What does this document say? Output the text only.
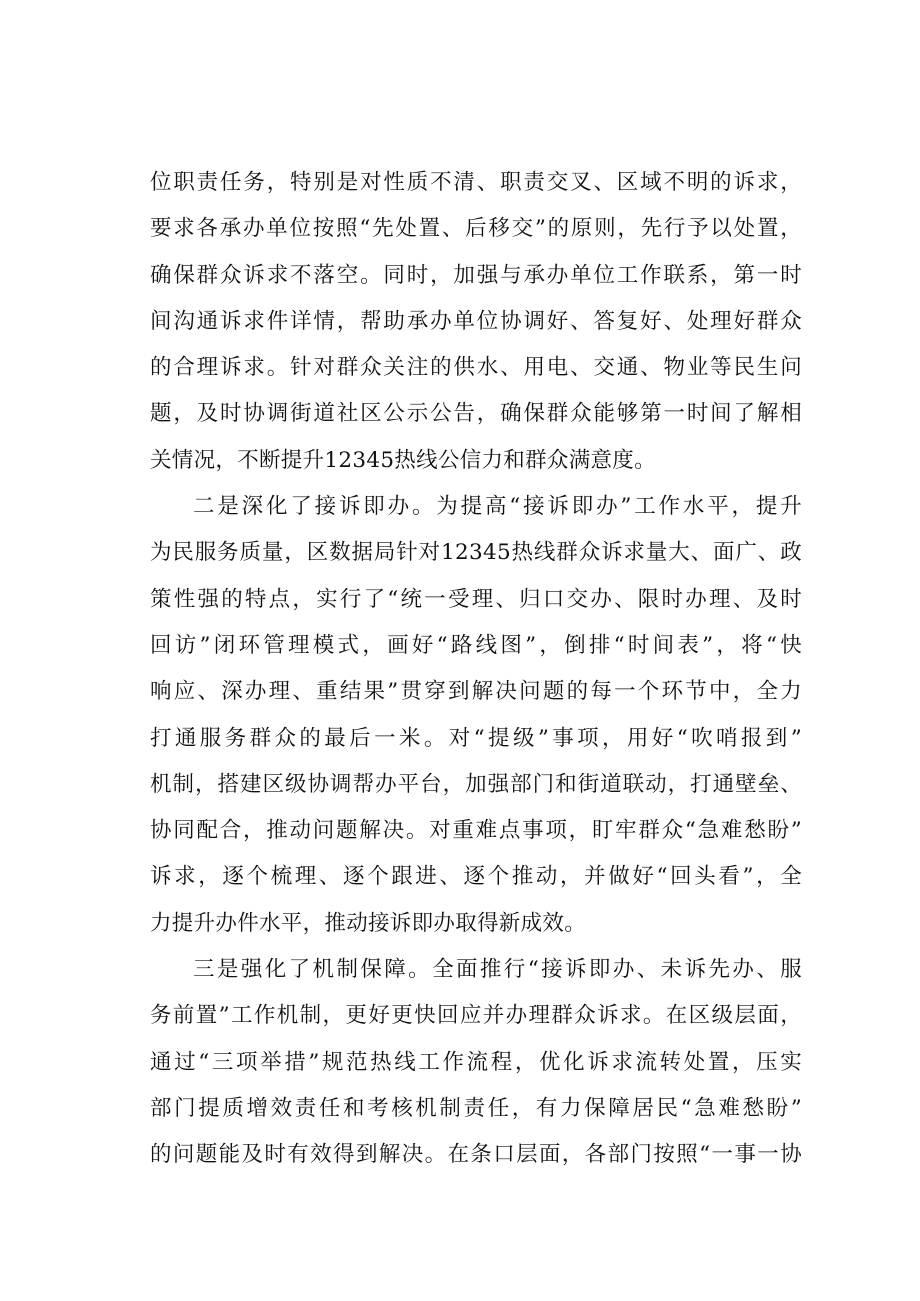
位职责任务，特别是对性质不清、职责交叉、区域不明的诉求，
要求各承办单位按照“先处置、后移交”的原则，先行予以处置，
确保群众诉求不落空。同时，加强与承办单位工作联系，第一时
间沟通诉求件详情，帮助承办单位协调好、答复好、处理好群众
的合理诉求。针对群众关注的供水、用电、交通、物业等民生问
题，及时协调街道社区公示公告，确保群众能够第一时间了解相
关情况，不断提升12345热线公信力和群众满意度。
二是深化了接诉即办。为提高“接诉即办”工作水平，提升
为民服务质量，区数据局针对12345热线群众诉求量大、面广、政
策性强的特点，实行了“统一受理、归口交办、限时办理、及时
回访”闭环管理模式，画好“路线图”，倒排“时间表”，将“快
响应、深办理、重结果”贯穿到解决问题的每一个环节中，全力
打通服务群众的最后一米。对“提级”事项，用好“吹哨报到”
机制，搭建区级协调帮办平台，加强部门和街道联动，打通壁垒、
协同配合，推动问题解决。对重难点事项，盯牢群众“急难愁盼”
诉求，逐个梳理、逐个跟进、逐个推动，并做好“回头看”，全
力提升办件水平，推动接诉即办取得新成效。
三是强化了机制保障。全面推行“接诉即办、未诉先办、服
务前置”工作机制，更好更快回应并办理群众诉求。在区级层面，
通过“三项举措”规范热线工作流程，优化诉求流转处置，压实
部门提质增效责任和考核机制责任，有力保障居民“急难愁盼”
的问题能及时有效得到解决。在条口层面，各部门按照“一事一协
